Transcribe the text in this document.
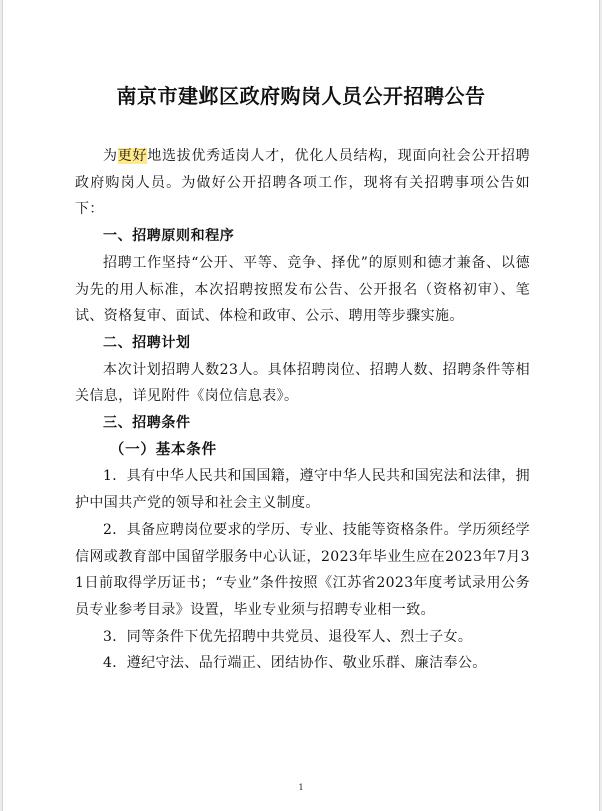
南京市建邺区政府购岗人员公开招聘公告

为更好地选拔优秀适岗人才，优化人员结构，现面向社会公开招聘政府购岗人员。为做好公开招聘各项工作，现将有关招聘事项公告如下：

一、招聘原则和程序

招聘工作坚持“公开、平等、竞争、择优”的原则和德才兼备、以德为先的用人标准，本次招聘按照发布公告、公开报名（资格初审）、笔试、资格复审、面试、体检和政审、公示、聘用等步骤实施。

二、招聘计划

本次计划招聘人数23人。具体招聘岗位、招聘人数、招聘条件等相关信息，详见附件《岗位信息表》。

三、招聘条件

（一）基本条件

1．具有中华人民共和国国籍，遵守中华人民共和国宪法和法律，拥护中国共产党的领导和社会主义制度。

2．具备应聘岗位要求的学历、专业、技能等资格条件。学历须经学信网或教育部中国留学服务中心认证，2023年毕业生应在2023年7月31日前取得学历证书；“专业”条件按照《江苏省2023年度考试录用公务员专业参考目录》设置，毕业专业须与招聘专业相一致。

3．同等条件下优先招聘中共党员、退役军人、烈士子女。

4．遵纪守法、品行端正、团结协作、敬业乐群、廉洁奉公。

1
